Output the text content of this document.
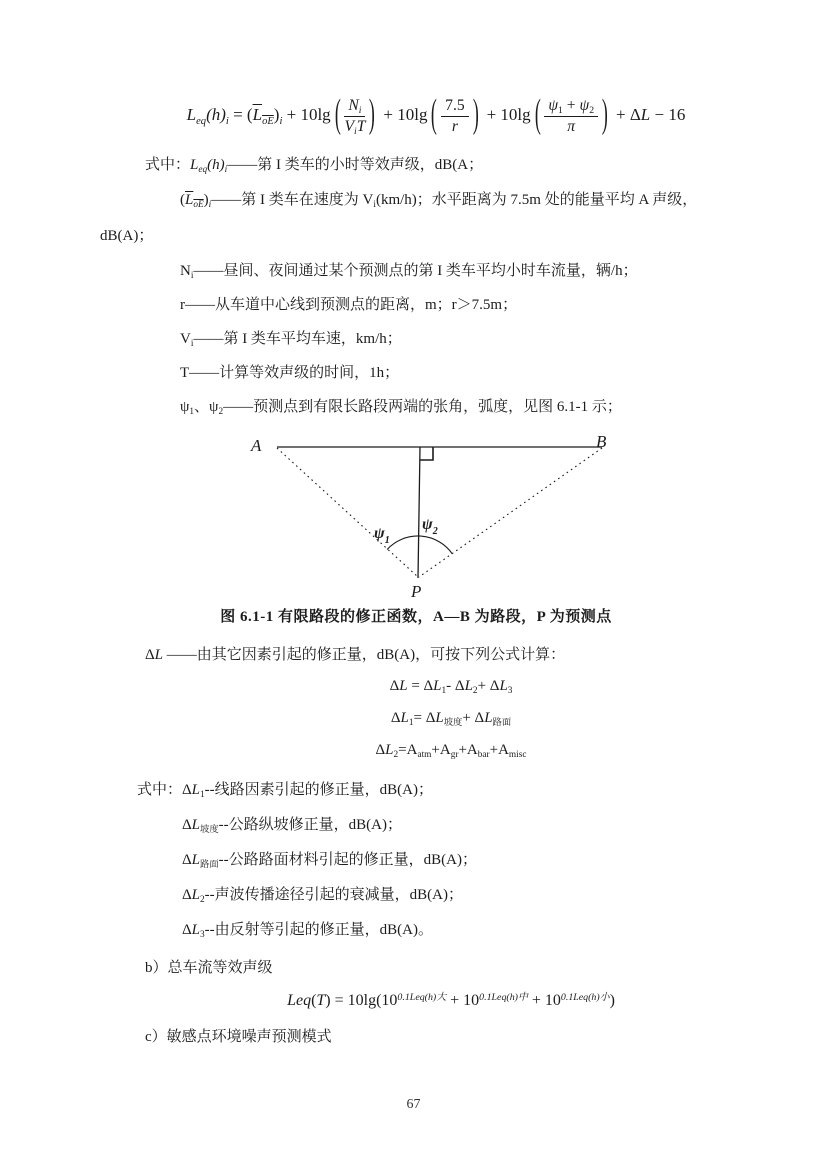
$L_{eq}(h)_i = (L_{oE})_i + 10\lg$ ( $N_i$
$V_iT$ ) + 10lg ( $\frac{7.5}{r}$ ) + 10lg ( $\frac{\psi_1 + \psi_2}{\pi}$ ) + ΔL − 16

式中：$L_{eq}(h)_i——$第 I 类车的小时等效声级，dB(A；

$(L_{oE})_i——$第 I 类车在速度为 $V_i(km/h)$；水平距离为 7.5m 处的能量平均 A 声级，dB(A)；

$N_i——$昼间、夜间通过某个预测点的第 I 类车平均小时车流量，辆/h；

r——从车道中心线到预测点的距离，m；r＞7.5m；

$V_i——$第 I 类车平均车速，km/h；

T——计算等效声级的时间，1h；

$\psi_1$、$\psi_2——$预测点到有限长路段两端的张角，弧度，见图 6.1-1 示；

A	B
P
$\psi_1$
$\psi_2$

图 6.1-1 有限路段的修正函数，A—B 为路段，P 为预测点

ΔL ——由其它因素引起的修正量，dB(A)，可按下列公式计算：

$\Delta L = \Delta L_1-$ $\Delta L_2+ \Delta L_3$

$\Delta L_1= \Delta L_{坡度}+ \Delta L_{路面}$

$\Delta L_2=A_{atm}+A_{gr}+A_{bar}+A_{misc}$

式中： $\Delta L_1--$线路因素引起的修正量，dB(A)；

$\Delta L_{坡度}--$公路纵坡修正量，dB(A)；

$\Delta L_{路面}--$公路路面材料引起的修正量，dB(A)；

$\Delta L_2--$声波传播途径引起的衰减量，dB(A)；

$\Delta L_3--$由反射等引起的修正量，dB(A)。

b）总车流等效声级

$Leq(T) = 10\lg(10^{0.1Leq(h)大} + 10^{0.1Leq(h)中} + 10^{0.1Leq(h)小})$

c）敏感点环境噪声预测模式

67
